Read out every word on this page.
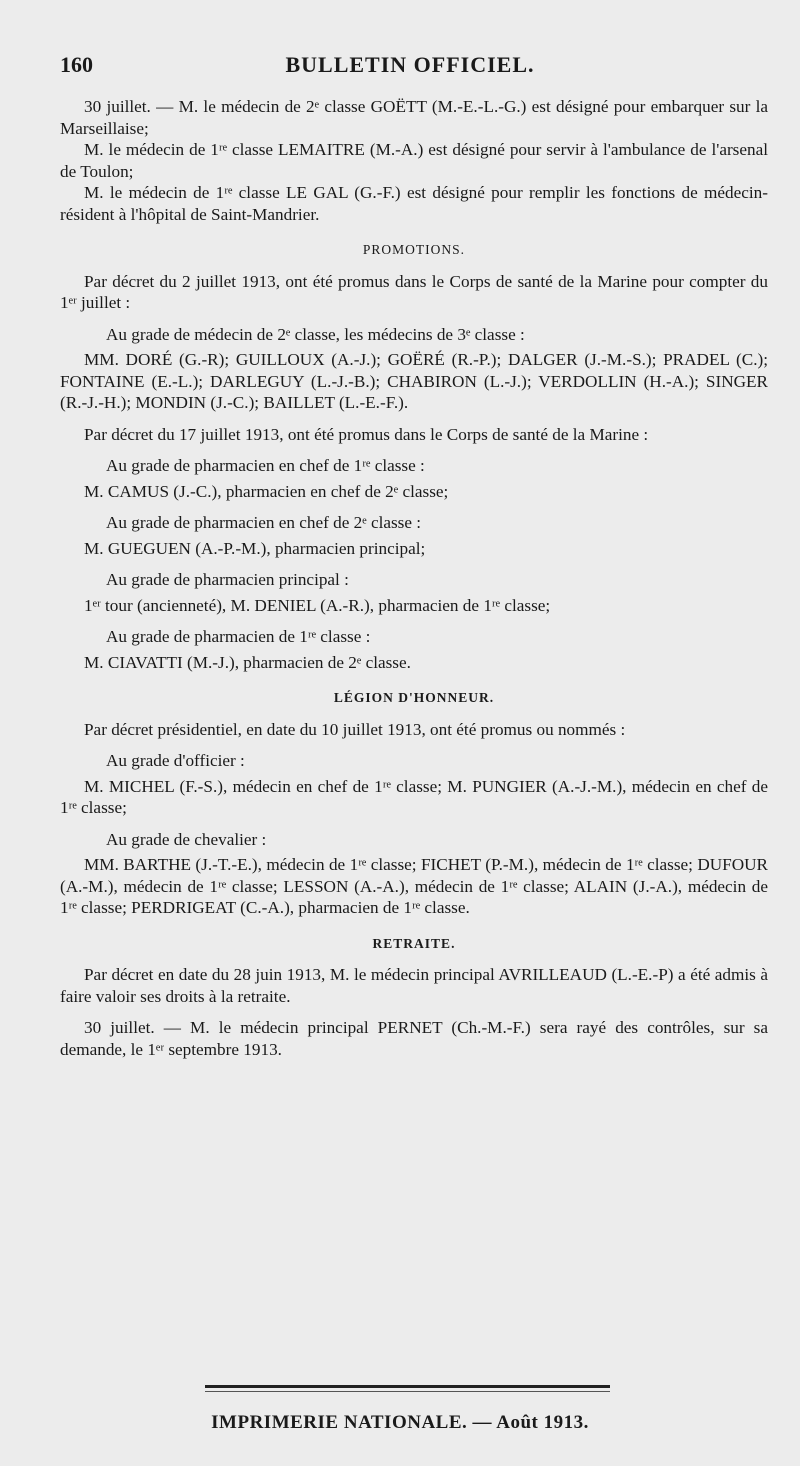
160	BULLETIN OFFICIEL.

30 juillet. — M. le médecin de 2ᵉ classe GOËTT (M.-E.-L.-G.) est désigné pour embarquer sur la Marseillaise;

M. le médecin de 1ʳᵉ classe LEMAITRE (M.-A.) est désigné pour servir à l'ambulance de l'arsenal de Toulon;

M. le médecin de 1ʳᵉ classe LE GAL (G.-F.) est désigné pour remplir les fonctions de médecin-résident à l'hôpital de Saint-Mandrier.

PROMOTIONS.

Par décret du 2 juillet 1913, ont été promus dans le Corps de santé de la Marine pour compter du 1ᵉʳ juillet :

Au grade de médecin de 2ᵉ classe, les médecins de 3ᵉ classe :

MM. DORÉ (G.-R); GUILLOUX (A.-J.); GOËRÉ (R.-P.); DALGER (J.-M.-S.); PRADEL (C.); FONTAINE (E.-L.); DARLEGUY (L.-J.-B.); CHABIRON (L.-J.); VERDOLLIN (H.-A.); SINGER (R.-J.-H.); MONDIN (J.-C.); BAILLET (L.-E.-F.).

Par décret du 17 juillet 1913, ont été promus dans le Corps de santé de la Marine :

Au grade de pharmacien en chef de 1ʳᵉ classe :

M. CAMUS (J.-C.), pharmacien en chef de 2ᵉ classe;

Au grade de pharmacien en chef de 2ᵉ classe :

M. GUEGUEN (A.-P.-M.), pharmacien principal;

Au grade de pharmacien principal :

1ᵉʳ tour (ancienneté), M. DENIEL (A.-R.), pharmacien de 1ʳᵉ classe;

Au grade de pharmacien de 1ʳᵉ classe :

M. CIAVATTI (M.-J.), pharmacien de 2ᵉ classe.

LÉGION D'HONNEUR.

Par décret présidentiel, en date du 10 juillet 1913, ont été promus ou nommés :

Au grade d'officier :

M. MICHEL (F.-S.), médecin en chef de 1ʳᵉ classe; M. PUNGIER (A.-J.-M.), médecin en chef de 1ʳᵉ classe;

Au grade de chevalier :

MM. BARTHE (J.-T.-E.), médecin de 1ʳᵉ classe; FICHET (P.-M.), médecin de 1ʳᵉ classe; DUFOUR (A.-M.), médecin de 1ʳᵉ classe; LESSON (A.-A.), médecin de 1ʳᵉ classe; ALAIN (J.-A.), médecin de 1ʳᵉ classe; PERDRIGEAT (C.-A.), pharmacien de 1ʳᵉ classe.

RETRAITE.

Par décret en date du 28 juin 1913, M. le médecin principal AVRILLEAUD (L.-E.-P) a été admis à faire valoir ses droits à la retraite.

30 juillet. — M. le médecin principal PERNET (Ch.-M.-F.) sera rayé des contrôles, sur sa demande, le 1ᵉʳ septembre 1913.

IMPRIMERIE NATIONALE. — Août 1913.
